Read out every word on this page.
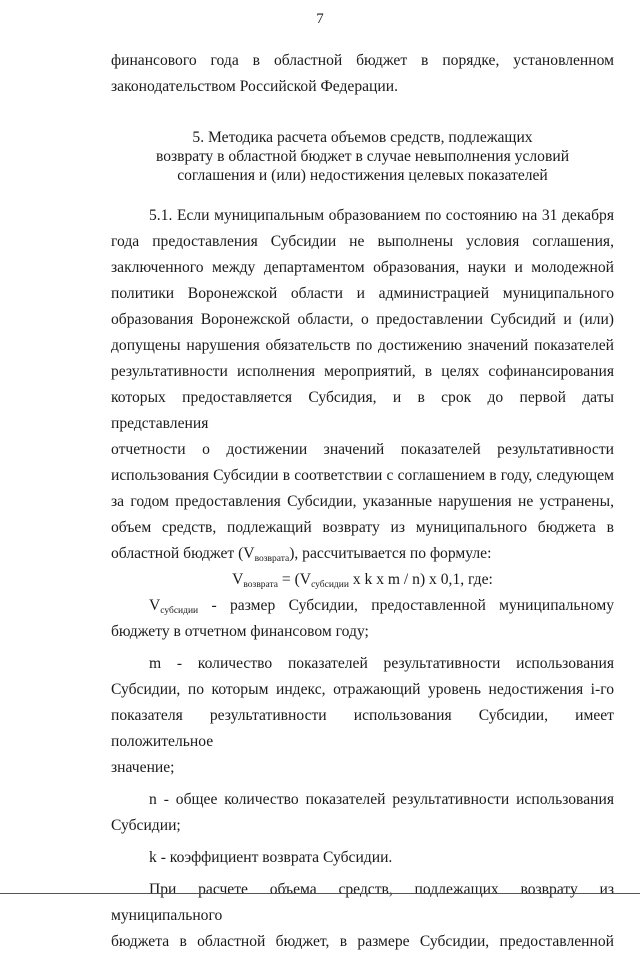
7

финансового года в областной бюджет в порядке, установленном

законодательством Российской Федерации.

5. Методика расчета объемов средств, подлежащих
возврату в областной бюджет в случае невыполнения условий
соглашения и (или) недостижения целевых показателей

5.1. Если муниципальным образованием по состоянию на 31 декабря

года предоставления Субсидии не выполнены условия соглашения,

заключенного между департаментом образования, науки и молодежной

политики Воронежской области и администрацией муниципального

образования Воронежской области, о предоставлении Субсидий и (или)

допущены нарушения обязательств по достижению значений показателей

результативности исполнения мероприятий, в целях софинансирования

которых предоставляется Субсидия, и в срок до первой даты представления

отчетности о достижении значений показателей результативности

использования Субсидии в соответствии с соглашением в году, следующем

за годом предоставления Субсидии, указанные нарушения не устранены,

объем средств, подлежащий возврату из муниципального бюджета в

областной бюджет $(V_{возврата})$, рассчитывается по формуле:

$V_{возврата} = (V_{субсидии}$ х k х m / n) х 0,1, где:

$V_{субсидии}$ - размер Субсидии, предоставленной муниципальному

бюджету в отчетном финансовом году;

m - количество показателей результативности использования

Субсидии, по которым индекс, отражающий уровень недостижения i-го

показателя результативности использования Субсидии, имеет положительное

значение;

n - общее количество показателей результативности использования

Субсидии;

k - коэффициент возврата Субсидии.

При расчете объема средств, подлежащих возврату из муниципального

бюджета в областной бюджет, в размере Субсидии, предоставленной
